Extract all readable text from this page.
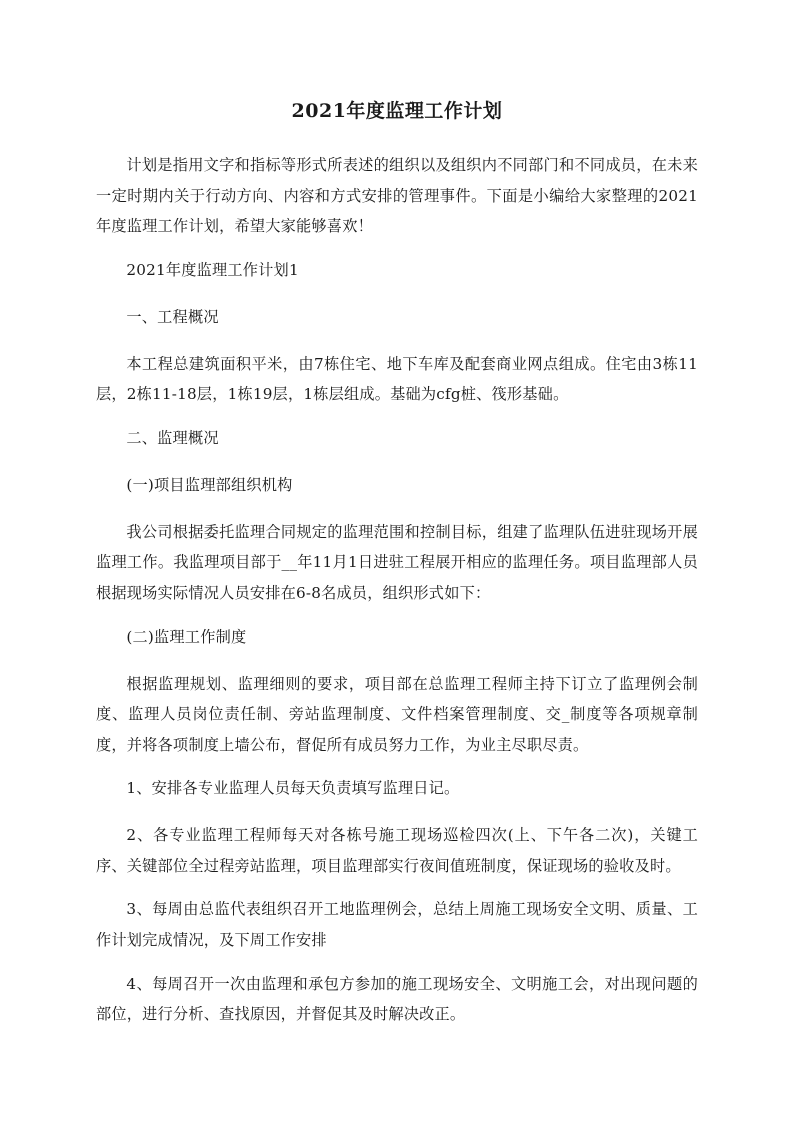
2021年度监理工作计划

计划是指用文字和指标等形式所表述的组织以及组织内不同部门和不同成员，在未来一定时期内关于行动方向、内容和方式安排的管理事件。下面是小编给大家整理的2021年度监理工作计划，希望大家能够喜欢！

2021年度监理工作计划1

一、工程概况

本工程总建筑面积平米，由7栋住宅、地下车库及配套商业网点组成。住宅由3栋11层，2栋11-18层，1栋19层，1栋层组成。基础为cfg桩、筏形基础。

二、监理概况

(一)项目监理部组织机构

我公司根据委托监理合同规定的监理范围和控制目标，组建了监理队伍进驻现场开展监理工作。我监理项目部于__年11月1日进驻工程展开相应的监理任务。项目监理部人员根据现场实际情况人员安排在6-8名成员，组织形式如下：

(二)监理工作制度

根据监理规划、监理细则的要求，项目部在总监理工程师主持下订立了监理例会制度、监理人员岗位责任制、旁站监理制度、文件档案管理制度、交_制度等各项规章制度，并将各项制度上墙公布，督促所有成员努力工作，为业主尽职尽责。

1、安排各专业监理人员每天负责填写监理日记。

2、各专业监理工程师每天对各栋号施工现场巡检四次(上、下午各二次)，关键工序、关键部位全过程旁站监理，项目监理部实行夜间值班制度，保证现场的验收及时。

3、每周由总监代表组织召开工地监理例会，总结上周施工现场安全文明、质量、工作计划完成情况，及下周工作安排

4、每周召开一次由监理和承包方参加的施工现场安全、文明施工会，对出现问题的部位，进行分析、查找原因，并督促其及时解决改正。
